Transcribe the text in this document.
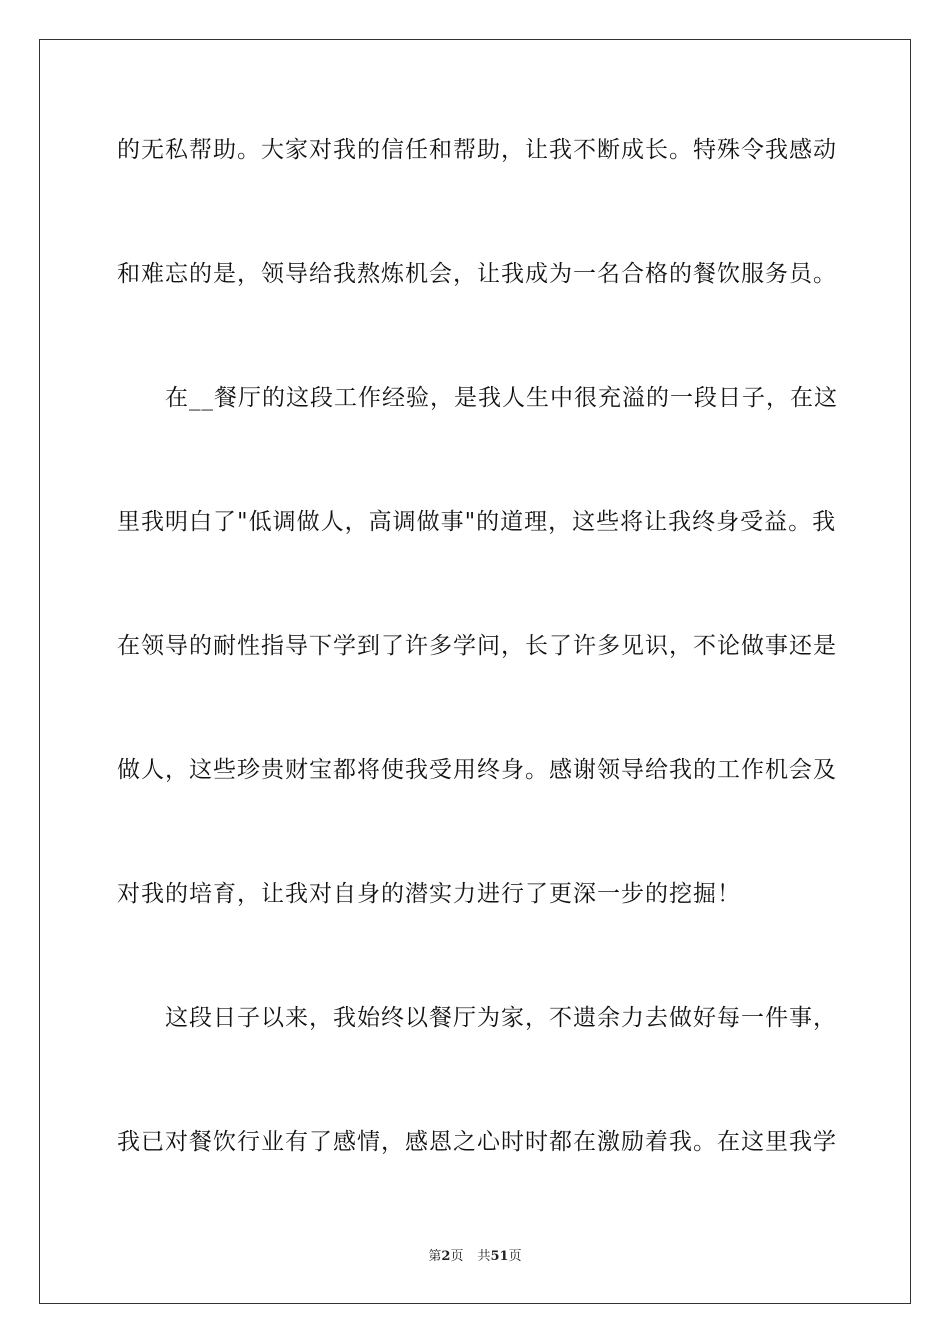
的无私帮助。大家对我的信任和帮助，让我不断成长。特殊令我感动
和难忘的是，领导给我熬炼机会，让我成为一名合格的餐饮服务员。
在__餐厅的这段工作经验，是我人生中很充溢的一段日子，在这
里我明白了"低调做人，高调做事"的道理，这些将让我终身受益。我
在领导的耐性指导下学到了许多学问，长了许多见识，不论做事还是
做人，这些珍贵财宝都将使我受用终身。感谢领导给我的工作机会及
对我的培育，让我对自身的潜实力进行了更深一步的挖掘！
这段日子以来，我始终以餐厅为家，不遗余力去做好每一件事，
我已对餐饮行业有了感情，感恩之心时时都在激励着我。在这里我学
第2页 共51页
